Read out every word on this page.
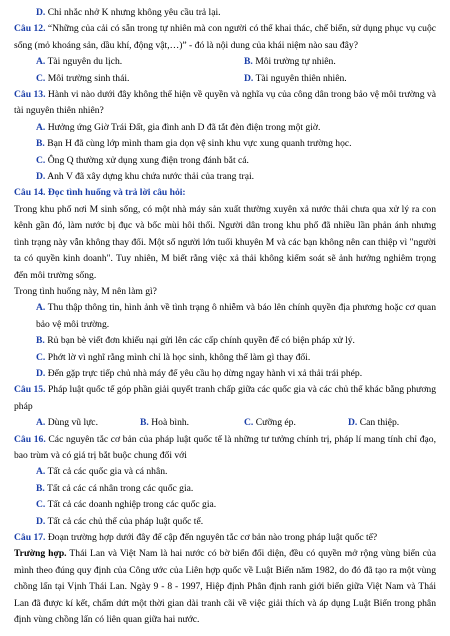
D. Chỉ nhắc nhở K nhưng không yêu cầu trả lại.

Câu 12. “Những của cải có sẵn trong tự nhiên mà con người có thể khai thác, chế biến, sử dụng phục vụ cuộc sống (mỏ khoáng sản, dầu khí, động vật,…)” - đó là nội dung của khái niệm nào sau đây?

A. Tài nguyên du lịch.	B. Môi trường tự nhiên.
C. Môi trường sinh thái.	D. Tài nguyên thiên nhiên.

Câu 13. Hành vi nào dưới đây không thể hiện về quyền và nghĩa vụ của công dân trong bảo vệ môi trường và tài nguyên thiên nhiên?

A. Hưởng ứng Giờ Trái Đất, gia đình anh D đã tắt đèn điện trong một giờ.

B. Bạn H đã cùng lớp mình tham gia dọn vệ sinh khu vực xung quanh trường học.

C. Ông Q thường xử dụng xung điện trong đánh bắt cá.

D. Anh V đã xây dựng khu chứa nước thải của trang trại.

Câu 14. Đọc tình huống và trả lời câu hỏi:

Trong khu phố nơi M sinh sống, có một nhà máy sản xuất thường xuyên xả nước thải chưa qua xử lý ra con kênh gần đó, làm nước bị đục và bốc mùi hôi thối. Người dân trong khu phố đã nhiều lần phản ánh nhưng tình trạng này vẫn không thay đổi. Một số người lớn tuổi khuyên M và các bạn không nên can thiệp vì "người ta có quyền kinh doanh". Tuy nhiên, M biết rằng việc xả thải không kiểm soát sẽ ảnh hưởng nghiêm trọng đến môi trường sống.

Trong tình huống này, M nên làm gì?

A. Thu thập thông tin, hình ảnh về tình trạng ô nhiễm và báo lên chính quyền địa phương hoặc cơ quan bảo vệ môi trường.

B. Rủ bạn bè viết đơn khiếu nại gửi lên các cấp chính quyền để có biện pháp xử lý.

C. Phớt lờ vì nghĩ rằng mình chỉ là học sinh, không thể làm gì thay đổi.

D. Đến gặp trực tiếp chủ nhà máy để yêu cầu họ dừng ngay hành vi xả thải trái phép.

Câu 15. Pháp luật quốc tế góp phần giải quyết tranh chấp giữa các quốc gia và các chủ thể khác bằng phương pháp

A. Dùng vũ lực.	B. Hoà bình.	C. Cưỡng ép.	D. Can thiệp.

Câu 16. Các nguyên tắc cơ bản của pháp luật quốc tế là những tư tưởng chính trị, pháp lí mang tính chỉ đạo, bao trùm và có giá trị bắt buộc chung đối với

A. Tất cả các quốc gia và cá nhân.

B. Tất cả các cá nhân trong các quốc gia.

C. Tất cả các doanh nghiệp trong các quốc gia.

D. Tất cả các chủ thể của pháp luật quốc tế.

Câu 17. Đoạn trường hợp dưới đây để cập đến nguyên tắc cơ bản nào trong pháp luật quốc tế?

Trường hợp. Thái Lan và Việt Nam là hai nước có bờ biển đối diện, đều có quyền mở rộng vùng biển của mình theo đúng quy định của Công ước của Liên hợp quốc về Luật Biển năm 1982, do đó đã tạo ra một vùng chồng lấn tại Vịnh Thái Lan. Ngày 9 - 8 - 1997, Hiệp định Phân định ranh giới biển giữa Việt Nam và Thái Lan đã được kí kết, chấm dứt một thời gian dài tranh cãi về việc giải thích và áp dụng Luật Biển trong phân định vùng chồng lấn có liên quan giữa hai nước.
